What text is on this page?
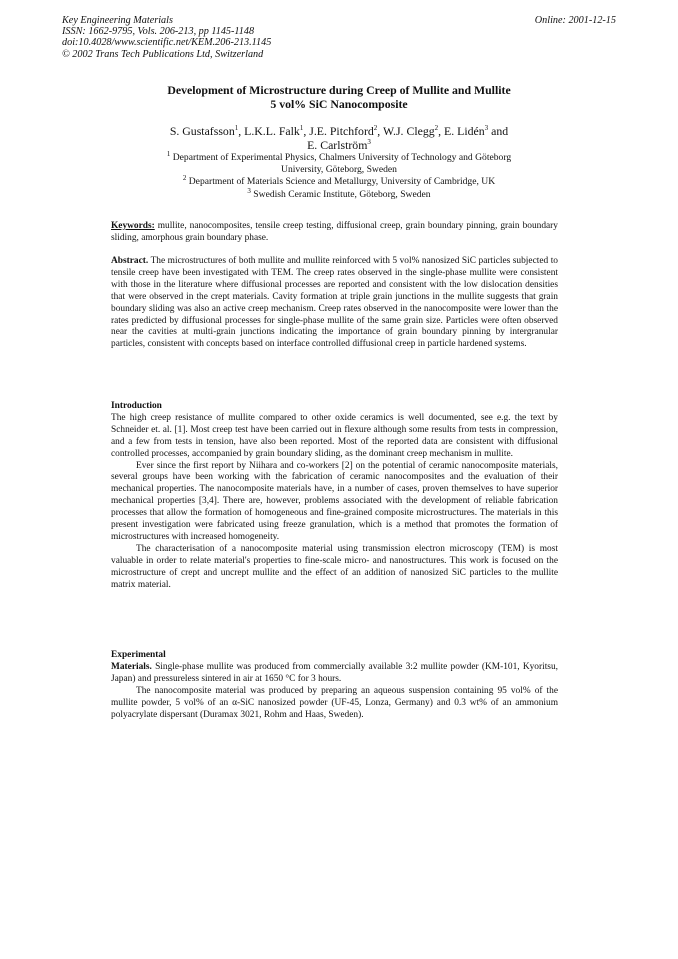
Key Engineering Materials
ISSN: 1662-9795, Vols. 206-213, pp 1145-1148
doi:10.4028/www.scientific.net/KEM.206-213.1145
© 2002 Trans Tech Publications Ltd, Switzerland
Online: 2001-12-15
Development of Microstructure during Creep of Mullite and Mullite
5 vol% SiC Nanocomposite
S. Gustafsson$^1$, L.K.L. Falk$^1$, J.E. Pitchford$^2$, W.J. Clegg$^2$, E. Lidén$^3$ and
E. Carlström$^3$
$^1$ Department of Experimental Physics, Chalmers University of Technology and Göteborg
University, Göteborg, Sweden
$^2$ Department of Materials Science and Metallurgy, University of Cambridge, UK
$^3$ Swedish Ceramic Institute, Göteborg, Sweden

Keywords: mullite, nanocomposites, tensile creep testing, diffusional creep, grain boundary pinning, grain boundary sliding, amorphous grain boundary phase.

Abstract. The microstructures of both mullite and mullite reinforced with 5 vol% nanosized SiC particles subjected to tensile creep have been investigated with TEM. The creep rates observed in the single-phase mullite were consistent with those in the literature where diffusional processes are reported and consistent with the low dislocation densities that were observed in the crept materials. Cavity formation at triple grain junctions in the mullite suggests that grain boundary sliding was also an active creep mechanism. Creep rates observed in the nanocomposite were lower than the rates predicted by diffusional processes for single-phase mullite of the same grain size. Particles were often observed near the cavities at multi-grain junctions indicating the importance of grain boundary pinning by intergranular particles, consistent with concepts based on interface controlled diffusional creep in particle hardened systems.

Introduction

The high creep resistance of mullite compared to other oxide ceramics is well documented, see e.g. the text by Schneider et. al. [1]. Most creep test have been carried out in flexure although some results from tests in compression, and a few from tests in tension, have also been reported. Most of the reported data are consistent with diffusional controlled processes, accompanied by grain boundary sliding, as the dominant creep mechanism in mullite.

Ever since the first report by Niihara and co-workers [2] on the potential of ceramic nanocomposite materials, several groups have been working with the fabrication of ceramic nanocomposites and the evaluation of their mechanical properties. The nanocomposite materials have, in a number of cases, proven themselves to have superior mechanical properties [3,4]. There are, however, problems associated with the development of reliable fabrication processes that allow the formation of homogeneous and fine-grained composite microstructures. The materials in this present investigation were fabricated using freeze granulation, which is a method that promotes the formation of microstructures with increased homogeneity.

The characterisation of a nanocomposite material using transmission electron microscopy (TEM) is most valuable in order to relate material's properties to fine-scale micro- and nanostructures. This work is focused on the microstructure of crept and uncrept mullite and the effect of an addition of nanosized SiC particles to the mullite matrix material.

Experimental

Materials. Single-phase mullite was produced from commercially available 3:2 mullite powder (KM-101, Kyoritsu, Japan) and pressureless sintered in air at 1650 °C for 3 hours.

The nanocomposite material was produced by preparing an aqueous suspension containing 95 vol% of the mullite powder, 5 vol% of an α-SiC nanosized powder (UF-45, Lonza, Germany) and 0.3 wt% of an ammonium polyacrylate dispersant (Duramax 3021, Rohm and Haas, Sweden).
